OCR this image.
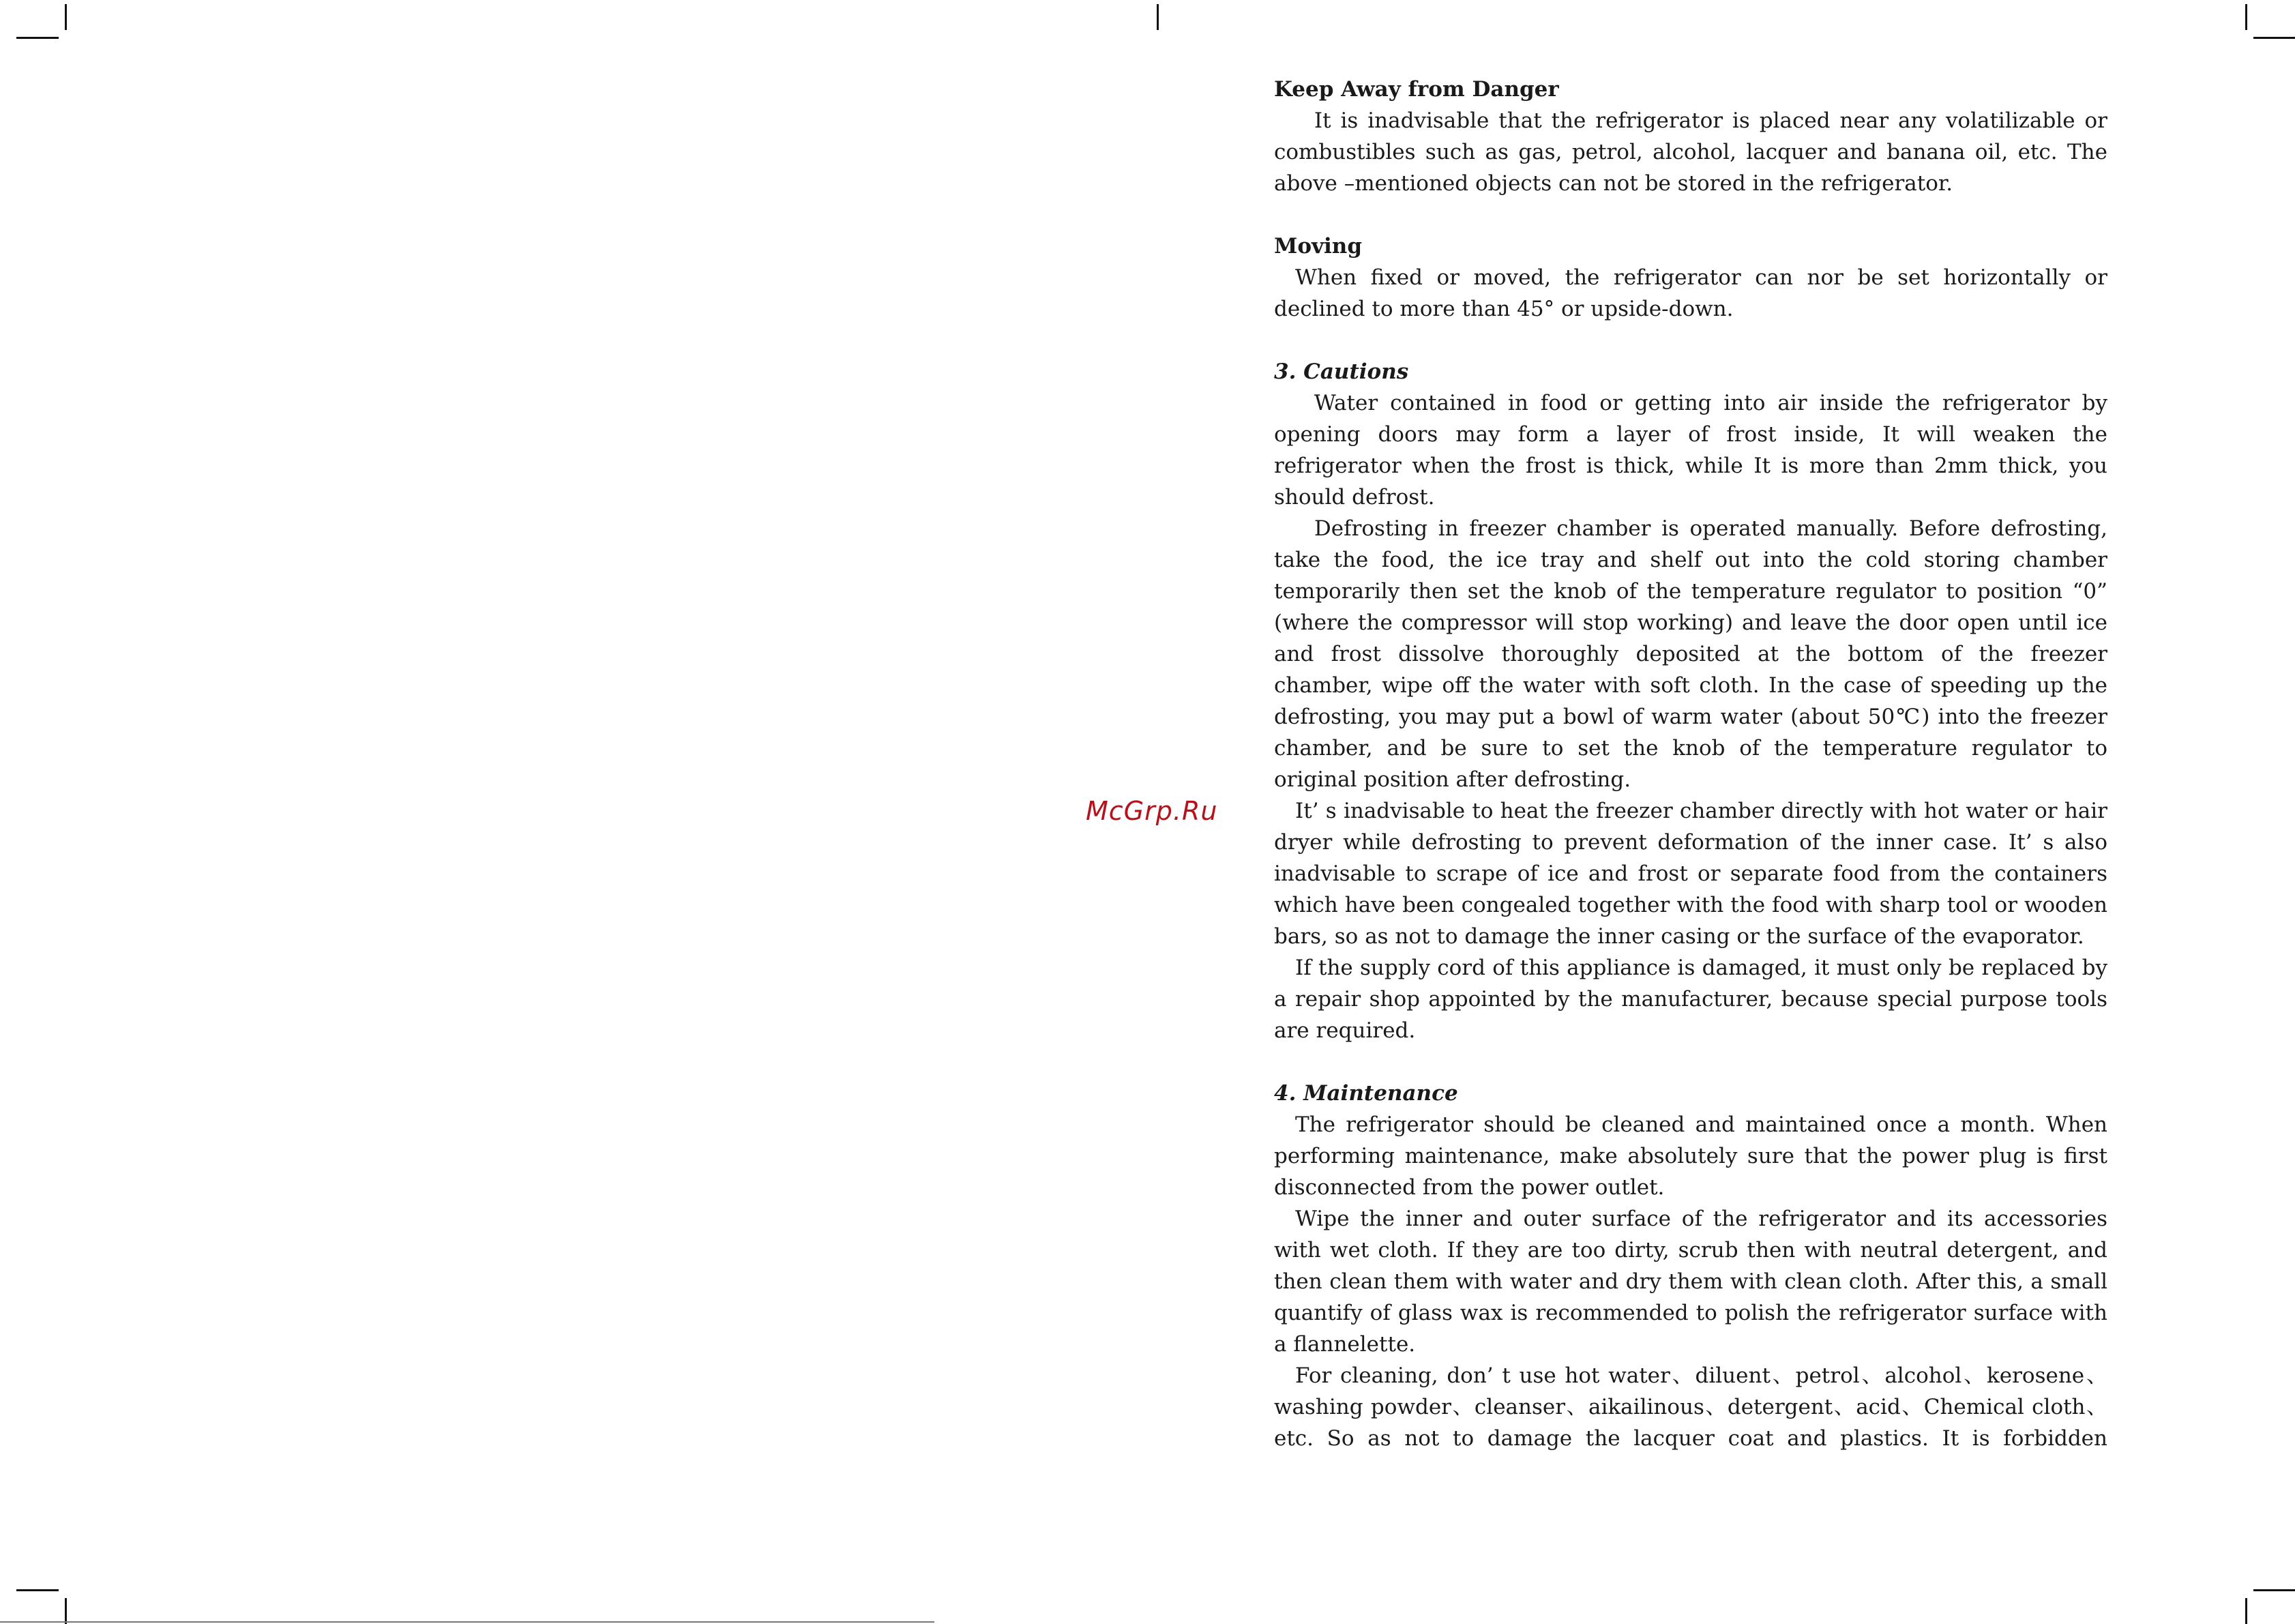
McGrp.Ru
Keep Away from Danger

It is inadvisable that the refrigerator is placed near any volatilizable or combustibles such as gas, petrol, alcohol, lacquer and banana oil, etc. The above –mentioned objects can not be stored in the refrigerator.

Moving

When fixed or moved, the refrigerator can nor be set horizontally or declined to more than 45° or upside-down.

3. Cautions

Water contained in food or getting into air inside the refrigerator by opening doors may form a layer of frost inside, It will weaken the refrigerator when the frost is thick, while It is more than 2mm thick, you should defrost.

Defrosting in freezer chamber is operated manually. Before defrosting, take the food, the ice tray and shelf out into the cold storing chamber temporarily then set the knob of the temperature regulator to position “0” (where the compressor will stop working) and leave the door open until ice and frost dissolve thoroughly deposited at the bottom of the freezer chamber, wipe off the water with soft cloth. In the case of speeding up the defrosting, you may put a bowl of warm water (about 50℃) into the freezer chamber, and be sure to set the knob of the temperature regulator to original position after defrosting.

It’ s inadvisable to heat the freezer chamber directly with hot water or hair dryer while defrosting to prevent deformation of the inner case. It’ s also inadvisable to scrape of ice and frost or separate food from the containers which have been congealed together with the food with sharp tool or wooden bars, so as not to damage the inner casing or the surface of the evaporator.

If the supply cord of this appliance is damaged, it must only be replaced by a repair shop appointed by the manufacturer, because special purpose tools are required.

4. Maintenance

The refrigerator should be cleaned and maintained once a month. When performing maintenance, make absolutely sure that the power plug is first disconnected from the power outlet.

Wipe the inner and outer surface of the refrigerator and its accessories with wet cloth. If they are too dirty, scrub then with neutral detergent, and then clean them with water and dry them with clean cloth. After this, a small quantify of glass wax is recommended to polish the refrigerator surface with a flannelette.

For cleaning, don’ t use hot water、diluent、petrol、alcohol、kerosene、washing powder、cleanser、aikailinous、detergent、acid、Chemical cloth、etc. So as not to damage the lacquer coat and plastics. It is forbidden
